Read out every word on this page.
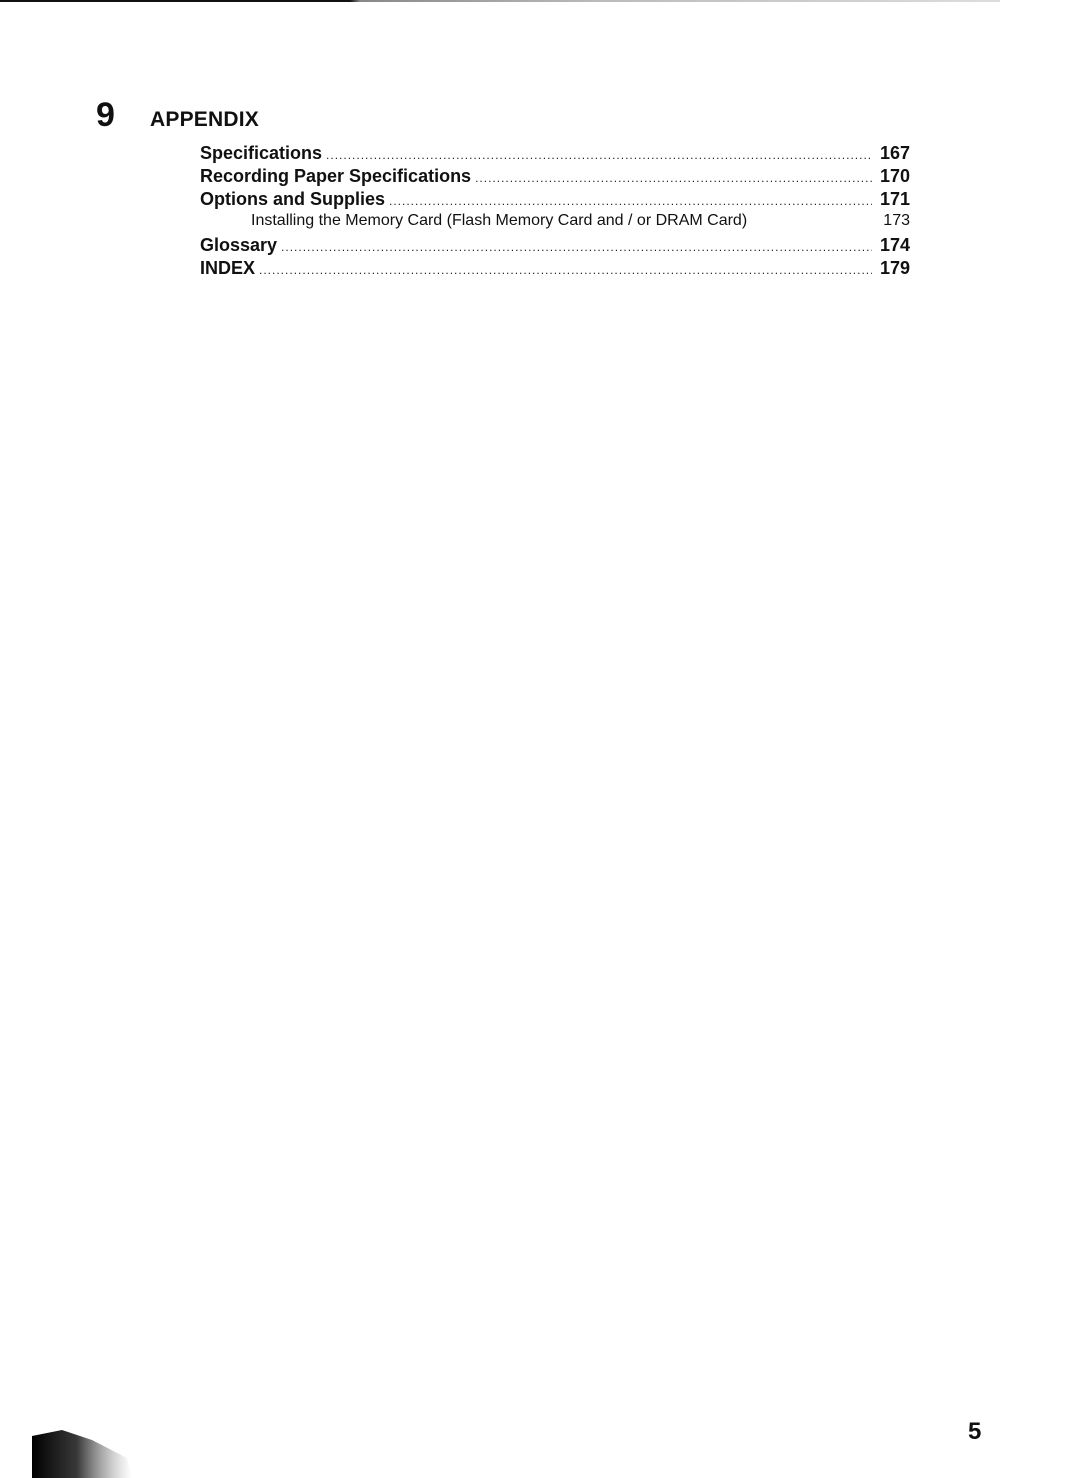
9	APPENDIX
Specifications .....	167
Recording Paper Specifications .....	170
Options and Supplies .....	171
Installing the Memory Card (Flash Memory Card and / or DRAM Card)	173
Glossary .....	174
INDEX .....	179
5
